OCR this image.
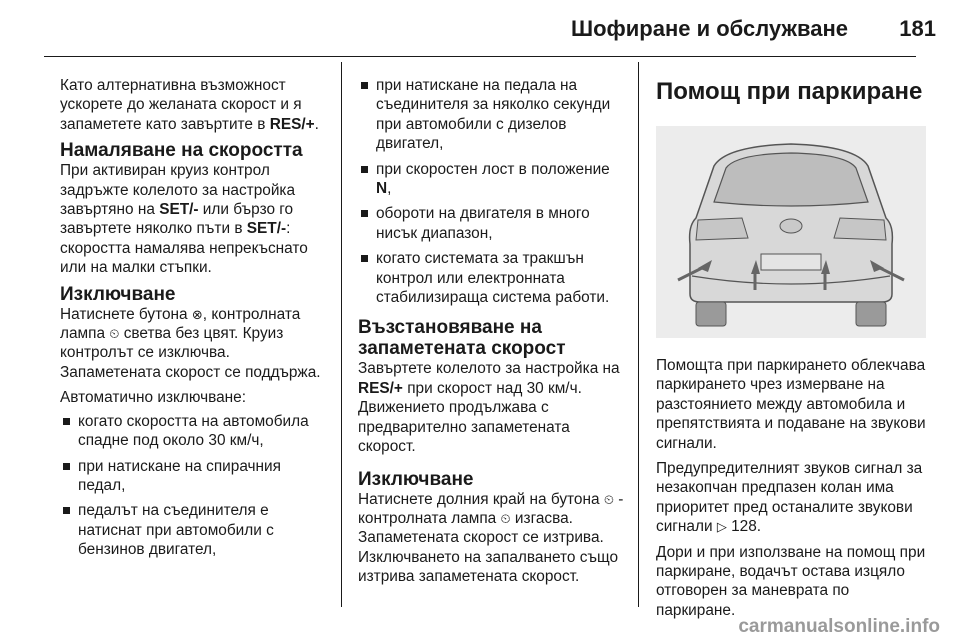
Шофиране и обслужване 181

Като алтернативна възможност ускорете до желаната скорост и я запаметете като завъртите в RES/+.

Намаляване на скоростта

При активиран круиз контрол задръжте колелото за настройка завъртяно на SET/- или бързо го завъртете няколко пъти в SET/-: скоростта намалява непрекъснато или на малки стъпки.

Изключване

Натиснете бутона ⊗, контролната лампа ⏲ светва без цвят. Круиз контролът се изключва. Запаметената скорост се поддържа.

Автоматично изключване:

когато скоростта на автомобила спадне под около 30 км/ч,
при натискане на спирачния педал,
педалът на съединителя е натиснат при автомобили с бензинов двигател,
при натискане на педала на съединителя за няколко секунди при автомобили с дизелов двигател,
при скоростен лост в положение N,
обороти на двигателя в много нисък диапазон,
когато системата за тракшън контрол или електронната стабилизираща система работи.
Възстановяване на запаметената скорост

Завъртете колелото за настройка на RES/+ при скорост над 30 км/ч. Движението продължава с предварително запаметената скорост.

Изключване

Натиснете долния край на бутона ⏲ - контролната лампа ⏲ изгасва. Запаметената скорост се изтрива. Изключването на запалването също изтрива запаметената скорост.

Помощ при паркиране

Помощта при паркирането облекчава паркирането чрез измерване на разстоянието между автомобила и препятствията и подаване на звукови сигнали.

Предупредителният звуков сигнал за незакопчан предпазен колан има приоритет пред останалите звукови сигнали ▷ 128.

Дори и при използване на помощ при паркиране, водачът остава изцяло отговорен за маневрата по паркиране.

carmanualsonline.info
